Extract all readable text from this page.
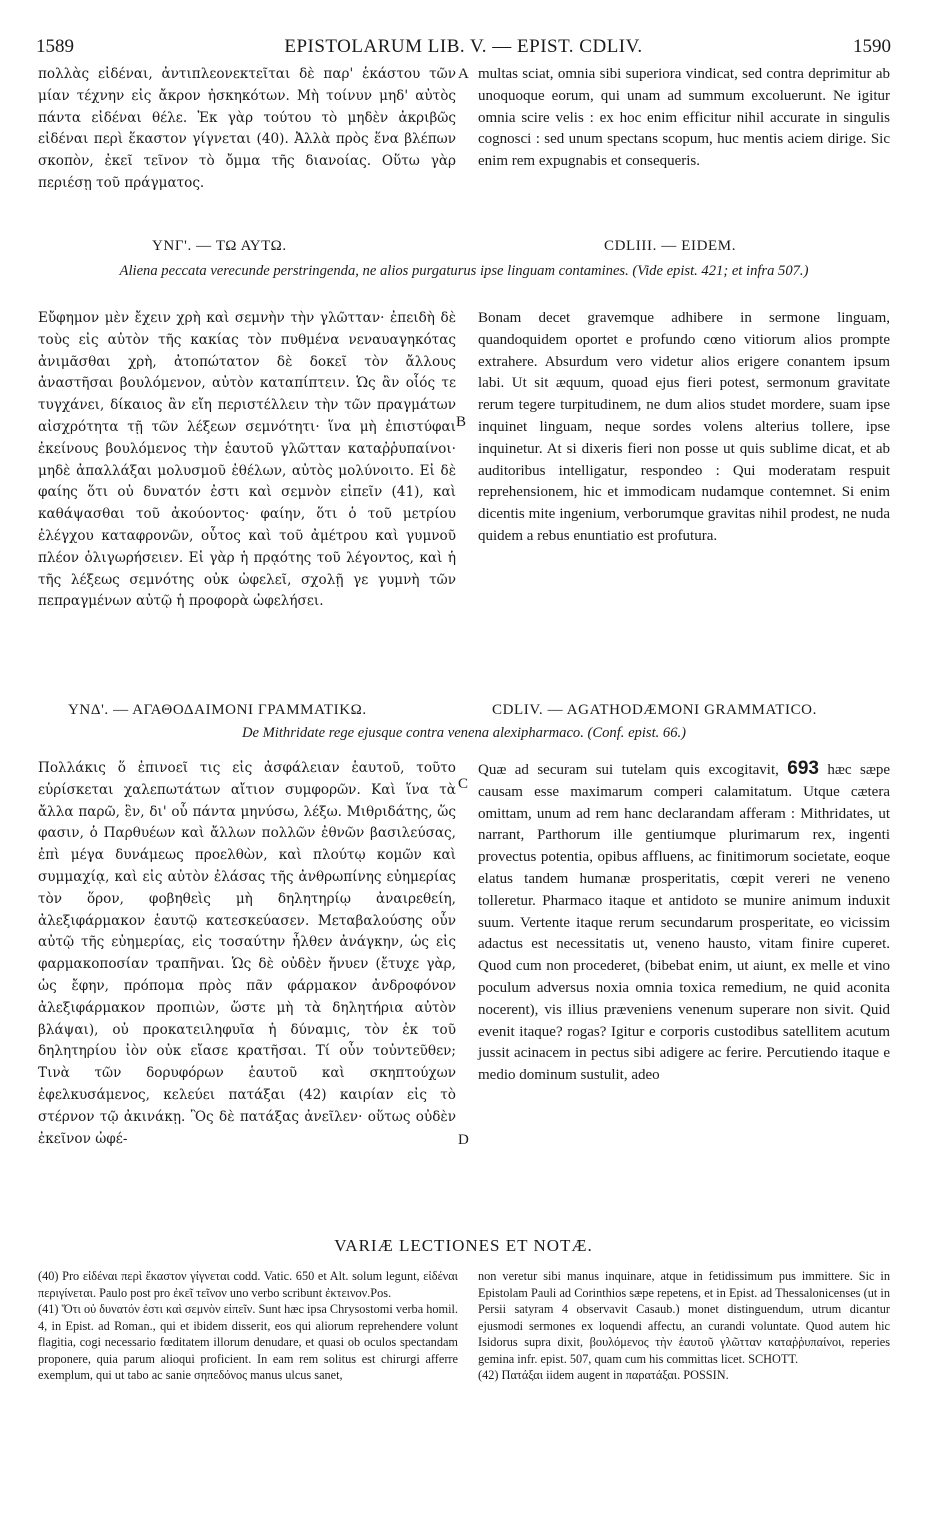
1589	EPISTOLARUM LIB. V. — EPIST. CDLIV.	1590

πολλὰς εἰδέναι, ἀντιπλεονεκτεῖται δὲ παρ' ἑκάστου τῶν μίαν τέχνην εἰς ἄκρον ἠσκηκότων. Μὴ τοίνυν μηδ' αὐτὸς πάντα εἰδέναι θέλε. Ἐκ γὰρ τούτου τὸ μηδὲν ἀκριβῶς εἰδέναι περὶ ἕκαστον γίγνεται (40). Ἀλλὰ πρὸς ἕνα βλέπων σκοπὸν, ἐκεῖ τεῖνον τὸ ὄμμα τῆς διανοίας. Οὕτω γὰρ περιέσῃ τοῦ πράγματος.

A multas sciat, omnia sibi superiora vindicat, sed contra deprimitur ab unoquoque eorum, qui unam ad summum excoluerunt. Ne igitur omnia scire velis : ex hoc enim efficitur nihil accurate in singulis cognosci : sed unum spectans scopum, huc mentis aciem dirige. Sic enim rem expugnabis et consequeris.

ΥΝΓ'. — ΤΩ ΑΥΤΩ.	CDLIII. — EIDEM.
Aliena peccata verecunde perstringenda, ne alios purgaturus ipse linguam contamines. (Vide epist. 421; et infra 507.)

Εὔφημον μὲν ἔχειν χρὴ καὶ σεμνὴν τὴν γλῶτταν· ἐπειδὴ δὲ τοὺς εἰς αὐτὸν τῆς κακίας τὸν πυθμένα νεναυαγηκότας ἀνιμᾶσθαι χρὴ, ἀτοπώτατον δὲ δοκεῖ τὸν ἄλλους ἀναστῆσαι βουλόμενον, αὐτὸν καταπίπτειν. Ὡς ἂν οἷός τε τυγχάνει, δίκαιος ἂν εἴη περιστέλλειν τὴν τῶν πραγμάτων αἰσχρότητα τῇ τῶν λέξεων σεμνότητι· ἵνα μὴ ἐπιστύφαι ἐκείνους βουλόμενος τὴν ἑαυτοῦ γλῶτταν καταῤῥυπαίνοι· μηδὲ ἀπαλλάξαι μολυσμοῦ ἐθέλων, αὐτὸς μολύνοιτο. Εἰ δὲ φαίης ὅτι οὐ δυνατόν ἐστι καὶ σεμνὸν εἰπεῖν (41), καὶ καθάψασθαι τοῦ ἀκούοντος· φαίην, ὅτι ὁ τοῦ μετρίου ἐλέγχου καταφρονῶν, οὗτος καὶ τοῦ ἀμέτρου καὶ γυμνοῦ πλέον ὀλιγωρήσειεν. Εἰ γὰρ ἡ πρᾳότης τοῦ λέγοντος, καὶ ἡ τῆς λέξεως σεμνότης οὐκ ὠφελεῖ, σχολῇ γε γυμνὴ τῶν πεπραγμένων αὐτῷ ἡ προφορὰ ὠφελήσει.

B

Bonam decet gravemque adhibere in sermone linguam, quandoquidem oportet e profundo cœno vitiorum alios prompte extrahere. Absurdum vero videtur alios erigere conantem ipsum labi. Ut sit æquum, quoad ejus fieri potest, sermonum gravitate rerum tegere turpitudinem, ne dum alios studet mordere, suam ipse inquinet linguam, neque sordes volens alterius tollere, ipse inquinetur. At si dixeris fieri non posse ut quis sublime dicat, et ab auditoribus intelligatur, respondeo : Qui moderatam respuit reprehensionem, hic et immodicam nudamque contemnet. Si enim dicentis mite ingenium, verborumque gravitas nihil prodest, ne nuda quidem a rebus enuntiatio est profutura.

ΥΝΔ'. — ΑΓΑΘΟΔΑΙΜΟΝΙ ΓΡΑΜΜΑΤΙΚΩ.	CDLIV. — AGATHODÆMONI GRAMMATICO.
De Mithridate rege ejusque contra venena alexipharmaco. (Conf. epist. 66.)

Πολλάκις ὅ ἐπινοεῖ τις εἰς ἀσφάλειαν ἑαυτοῦ, τοῦτο εὑρίσκεται χαλεπωτάτων αἴτιον συμφορῶν. Καὶ ἵνα τὰ ἄλλα παρῶ, ἓν, δι' οὗ πάντα μηνύσω, λέξω. Μιθριδάτης, ὥς φασιν, ὁ Παρθυέων καὶ ἄλλων πολλῶν ἐθνῶν βασιλεύσας, ἐπὶ μέγα δυνάμεως προελθὼν, καὶ πλούτῳ κομῶν καὶ συμμαχίᾳ, καὶ εἰς αὐτὸν ἐλάσας τῆς ἀνθρωπίνης εὐημερίας τὸν ὅρον, φοβηθεὶς μὴ δηλητηρίῳ ἀναιρεθείη, ἀλεξιφάρμακον ἑαυτῷ κατεσκεύασεν. Μεταβαλούσης οὖν αὐτῷ τῆς εὐημερίας, εἰς τοσαύτην ἦλθεν ἀνάγκην, ὡς εἰς φαρμακοποσίαν τραπῆναι. Ὡς δὲ οὐδὲν ἤνυεν (ἔτυχε γὰρ, ὡς ἔφην, πρόπομα πρὸς πᾶν φάρμακον ἀνδροφόνον ἀλεξιφάρμακον προπιὼν, ὥστε μὴ τὰ δηλητήρια αὐτὸν βλάψαι), οὐ προκατειληφυῖα ἡ δύναμις, τὸν ἐκ τοῦ δηλητηρίου ἰὸν οὐκ εἴασε κρατῆσαι. Τί οὖν τοὐντεῦθεν; Τινὰ τῶν δορυφόρων ἑαυτοῦ καὶ σκηπτούχων ἐφελκυσάμενος, κελεύει πατάξαι (42) καιρίαν εἰς τὸ στέρνον τῷ ἀκινάκῃ. Ὃς δὲ πατάξας ἀνεῖλεν· οὕτως οὐδὲν ἐκεῖνον ὠφέ-

C
D

Quæ ad securam sui tutelam quis excogitavit, 693 hæc sæpe causam esse maximarum comperi calamitatum. Utque cætera omittam, unum ad rem hanc declarandam afferam : Mithridates, ut narrant, Parthorum ille gentiumque plurimarum rex, ingenti provectus potentia, opibus affluens, ac finitimorum societate, eoque elatus tandem humanæ prosperitatis, cœpit vereri ne veneno tolleretur. Pharmaco itaque et antidoto se munire animum induxit suum. Vertente itaque rerum secundarum prosperitate, eo vicissim adactus est necessitatis ut, veneno hausto, vitam finire cuperet. Quod cum non procederet, (bibebat enim, ut aiunt, ex melle et vino poculum adversus noxia omnia toxica remedium, ne quid aconita nocerent), vis illius præveniens venenum superare non sivit. Quid evenit itaque? rogas? Igitur e corporis custodibus satellitem acutum jussit acinacem in pectus sibi adigere ac ferire. Percutiendo itaque e medio dominum sustulit, adeo

VARIÆ LECTIONES ET NOTÆ.

(40) Pro εἰδέναι περὶ ἕκαστον γίγνεται codd. Vatic. 650 et Alt. solum legunt, εἰδέναι περιγίνεται. Paulo post pro ἐκεῖ τεῖνον uno verbo scribunt ἐκτεινον.Pos.

(41) Ὅτι οὐ δυνατόν ἐστι καὶ σεμνὸν εἰπεῖν. Sunt hæc ipsa Chrysostomi verba homil. 4, in Epist. ad Roman., qui et ibidem disserit, eos qui aliorum reprehendere volunt flagitia, cogi necessario fœditatem illorum denudare, et quasi ob oculos spectandam proponere, quia parum alioqui proficient. In eam rem solitus est chirurgi afferre exemplum, qui ut tabo ac sanie σηπεδόνος manus ulcus sanet,

non veretur sibi manus inquinare, atque in fetidissimum pus immittere. Sic in Epistolam Pauli ad Corinthios sæpe repetens, et in Epist. ad Thessalonicenses (ut in Persii satyram 4 observavit Casaub.) monet distinguendum, utrum dicantur ejusmodi sermones ex loquendi affectu, an curandi voluntate. Quod autem hic Isidorus supra dixit, βουλόμενος τὴν ἑαυτοῦ γλῶτταν καταῤῥυπαίνοι, reperies gemina infr. epist. 507, quam cum his committas licet. SCHOTT.

(42) Πατάξαι iidem augent in παρατάξαι. POSSIN.
